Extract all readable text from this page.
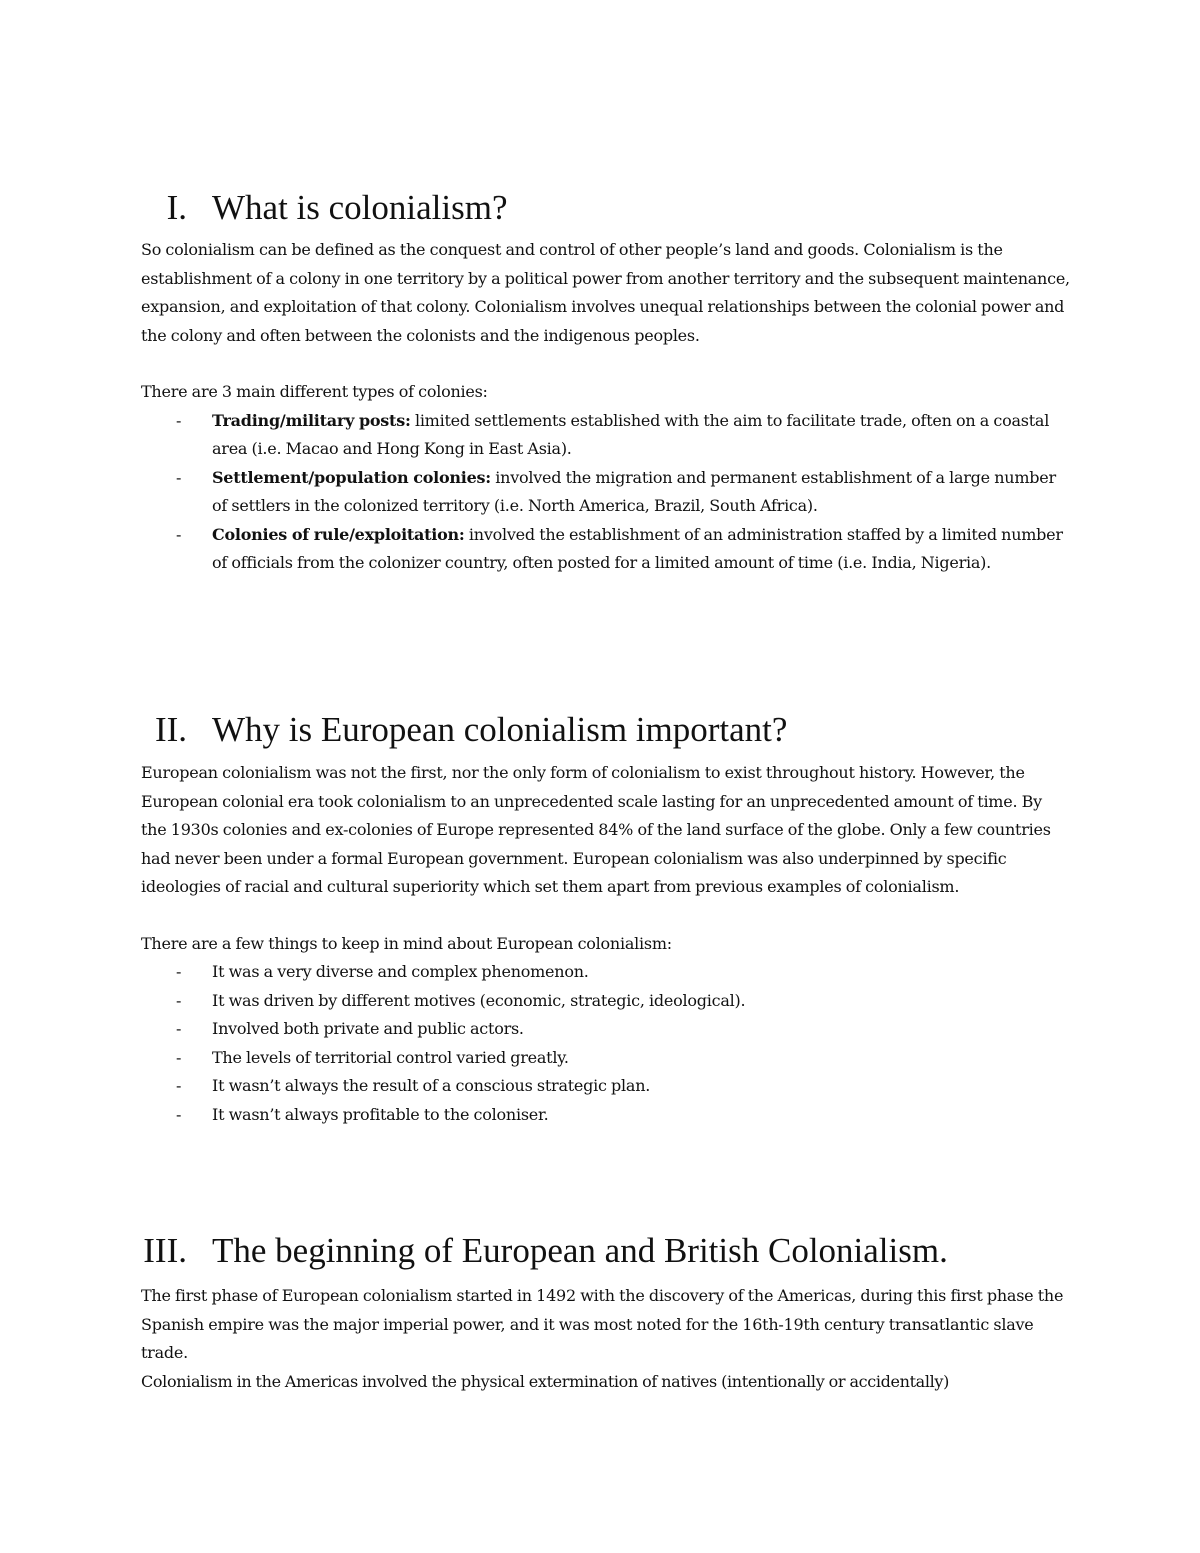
I. What is colonialism?

So colonialism can be defined as the conquest and control of other people’s land and goods. Colonialism is the establishment of a colony in one territory by a political power from another territory and the subsequent maintenance, expansion, and exploitation of that colony. Colonialism involves unequal relationships between the colonial power and the colony and often between the colonists and the indigenous peoples.

There are 3 main different types of colonies:

- Trading/military posts: limited settlements established with the aim to facilitate trade, often on a coastal area (i.e. Macao and Hong Kong in East Asia).
- Settlement/population colonies: involved the migration and permanent establishment of a large number of settlers in the colonized territory (i.e. North America, Brazil, South Africa).
- Colonies of rule/exploitation: involved the establishment of an administration staffed by a limited number of officials from the colonizer country, often posted for a limited amount of time (i.e. India, Nigeria).
II. Why is European colonialism important?

European colonialism was not the first, nor the only form of colonialism to exist throughout history. However, the European colonial era took colonialism to an unprecedented scale lasting for an unprecedented amount of time. By the 1930s colonies and ex-colonies of Europe represented 84% of the land surface of the globe. Only a few countries had never been under a formal European government. European colonialism was also underpinned by specific ideologies of racial and cultural superiority which set them apart from previous examples of colonialism.

There are a few things to keep in mind about European colonialism:

- It was a very diverse and complex phenomenon.
- It was driven by different motives (economic, strategic, ideological).
- Involved both private and public actors.
- The levels of territorial control varied greatly.
- It wasn’t always the result of a conscious strategic plan.
- It wasn’t always profitable to the coloniser.
III. The beginning of European and British Colonialism.

The first phase of European colonialism started in 1492 with the discovery of the Americas, during this first phase the Spanish empire was the major imperial power, and it was most noted for the 16th-19th century transatlantic slave trade.

Colonialism in the Americas involved the physical extermination of natives (intentionally or accidentally)
